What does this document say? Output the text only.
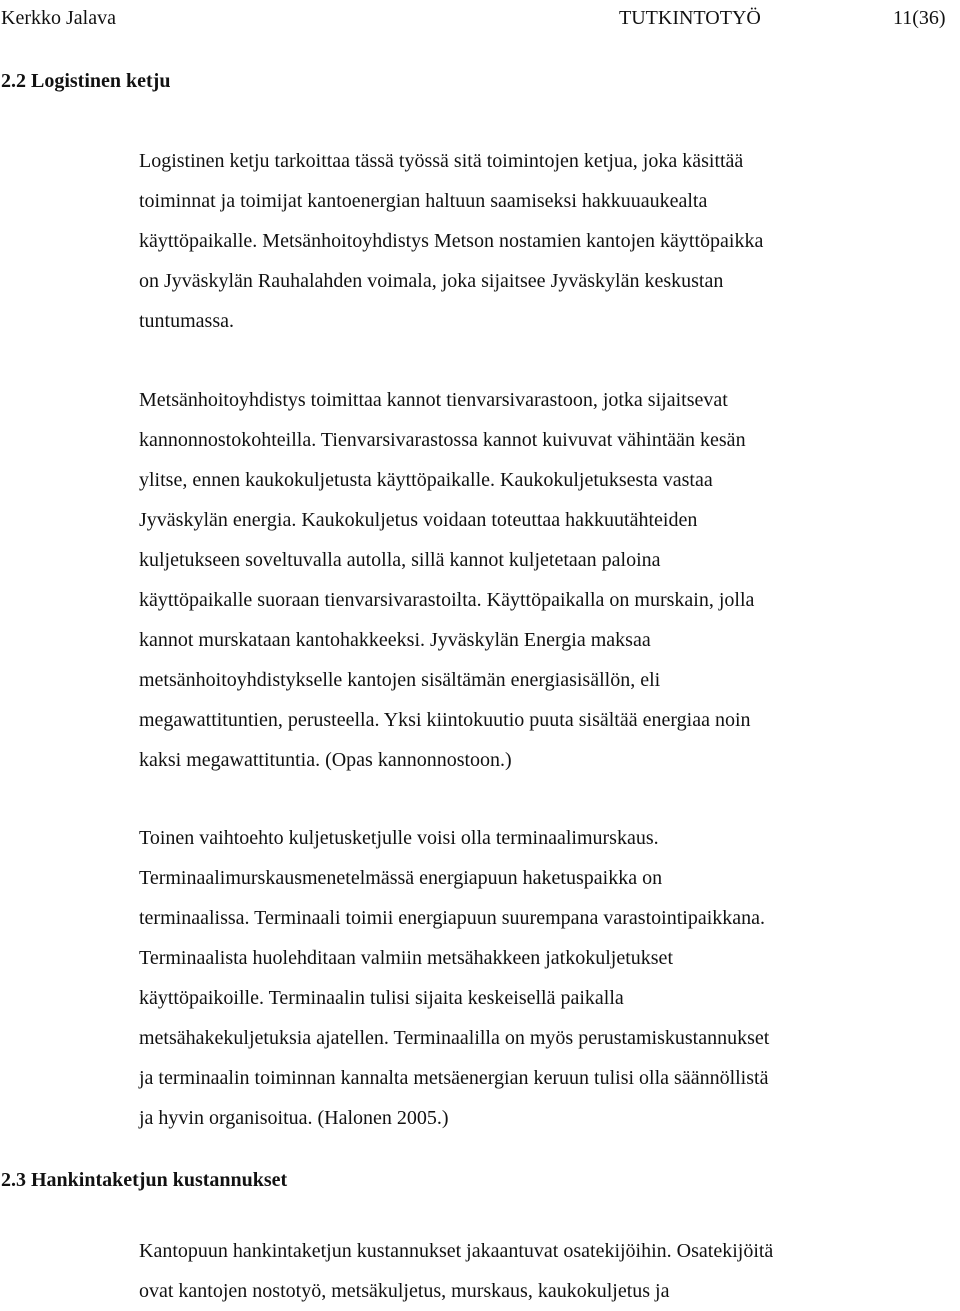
Kerkko Jalava	TUTKINTOTYÖ	11(36)
2.2 Logistinen ketju
Logistinen ketju tarkoittaa tässä työssä sitä toimintojen ketjua, joka käsittää
toiminnat ja toimijat kantoenergian haltuun saamiseksi hakkuuaukealta
käyttöpaikalle. Metsänhoitoyhdistys Metson nostamien kantojen käyttöpaikka
on Jyväskylän Rauhalahden voimala, joka sijaitsee Jyväskylän keskustan
tuntumassa.
Metsänhoitoyhdistys toimittaa kannot tienvarsivarastoon, jotka sijaitsevat
kannonnostokohteilla. Tienvarsivarastossa kannot kuivuvat vähintään kesän
ylitse, ennen kaukokuljetusta käyttöpaikalle. Kaukokuljetuksesta vastaa
Jyväskylän energia. Kaukokuljetus voidaan toteuttaa hakkuutähteiden
kuljetukseen soveltuvalla autolla, sillä kannot kuljetetaan paloina
käyttöpaikalle suoraan tienvarsivarastoilta. Käyttöpaikalla on murskain, jolla
kannot murskataan kantohakkeeksi. Jyväskylän Energia maksaa
metsänhoitoyhdistykselle kantojen sisältämän energiasisällön, eli
megawattituntien, perusteella. Yksi kiintokuutio puuta sisältää energiaa noin
kaksi megawattituntia. (Opas kannonnostoon.)
Toinen vaihtoehto kuljetusketjulle voisi olla terminaalimurskaus.
Terminaalimurskausmenetelmässä energiapuun haketuspaikka on
terminaalissa. Terminaali toimii energiapuun suurempana varastointipaikkana.
Terminaalista huolehditaan valmiin metsähakkeen jatkokuljetukset
käyttöpaikoille. Terminaalin tulisi sijaita keskeisellä paikalla
metsähakekuljetuksia ajatellen. Terminaalilla on myös perustamiskustannukset
ja terminaalin toiminnan kannalta metsäenergian keruun tulisi olla säännöllistä
ja hyvin organisoitua. (Halonen 2005.)
2.3 Hankintaketjun kustannukset
Kantopuun hankintaketjun kustannukset jakaantuvat osatekijöihin. Osatekijöitä
ovat kantojen nostotyö, metsäkuljetus, murskaus, kaukokuljetus ja
